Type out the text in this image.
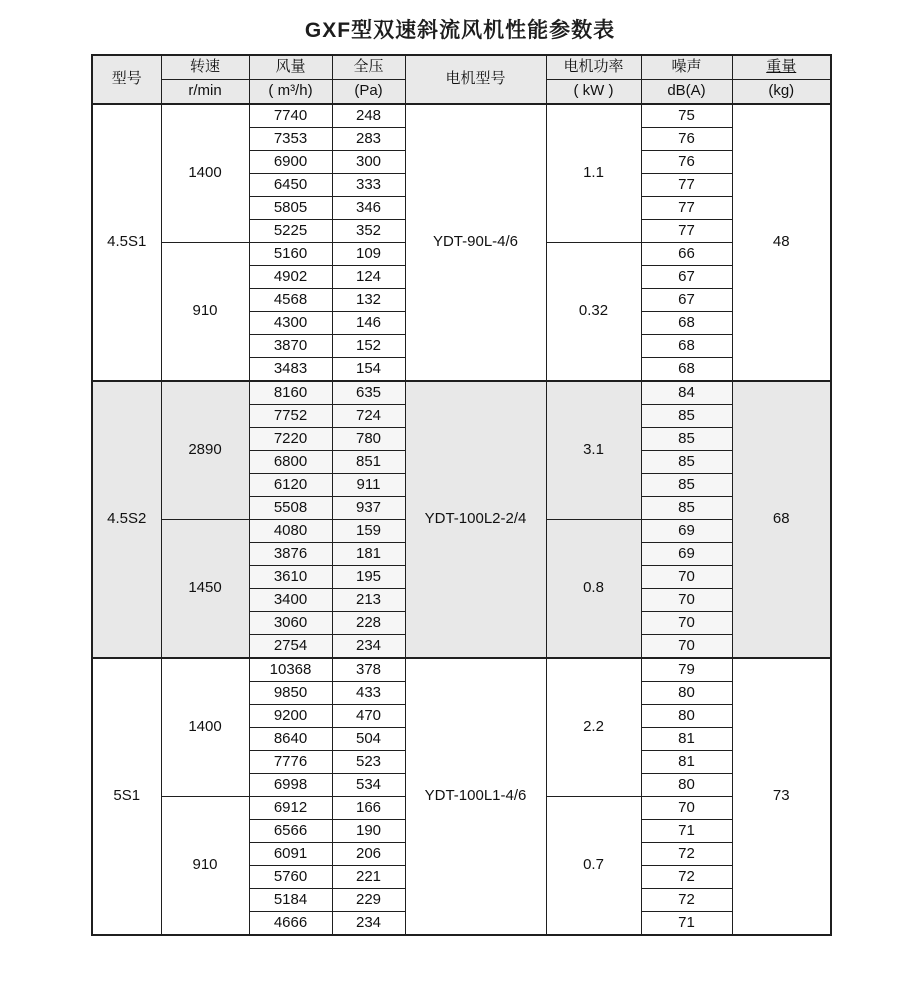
GXF型双速斜流风机性能参数表
型号	转速	风量	全压	电机型号	电机功率	噪声	重量
	r/min	( m³/h)	(Pa)		( kW )	dB(A)	(kg)
4.5S1	1400	7740	248	YDT-90L-4/6	1.1	75	48
		7353	283			76	
		6900	300			76	
		6450	333			77	
		5805	346			77	
		5225	352			77	
	910	5160	109		0.32	66	
		4902	124			67	
		4568	132			67	
		4300	146			68	
		3870	152			68	
		3483	154			68	
4.5S2	2890	8160	635	YDT-100L2-2/4	3.1	84	68
		7752	724			85	
		7220	780			85	
		6800	851			85	
		6120	911			85	
		5508	937			85	
	1450	4080	159		0.8	69	
		3876	181			69	
		3610	195			70	
		3400	213			70	
		3060	228			70	
		2754	234			70	
5S1	1400	10368	378	YDT-100L1-4/6	2.2	79	73
		9850	433			80	
		9200	470			80	
		8640	504			81	
		7776	523			81	
		6998	534			80	
	910	6912	166		0.7	70	
		6566	190			71	
		6091	206			72	
		5760	221			72	
		5184	229			72	
		4666	234			71	
